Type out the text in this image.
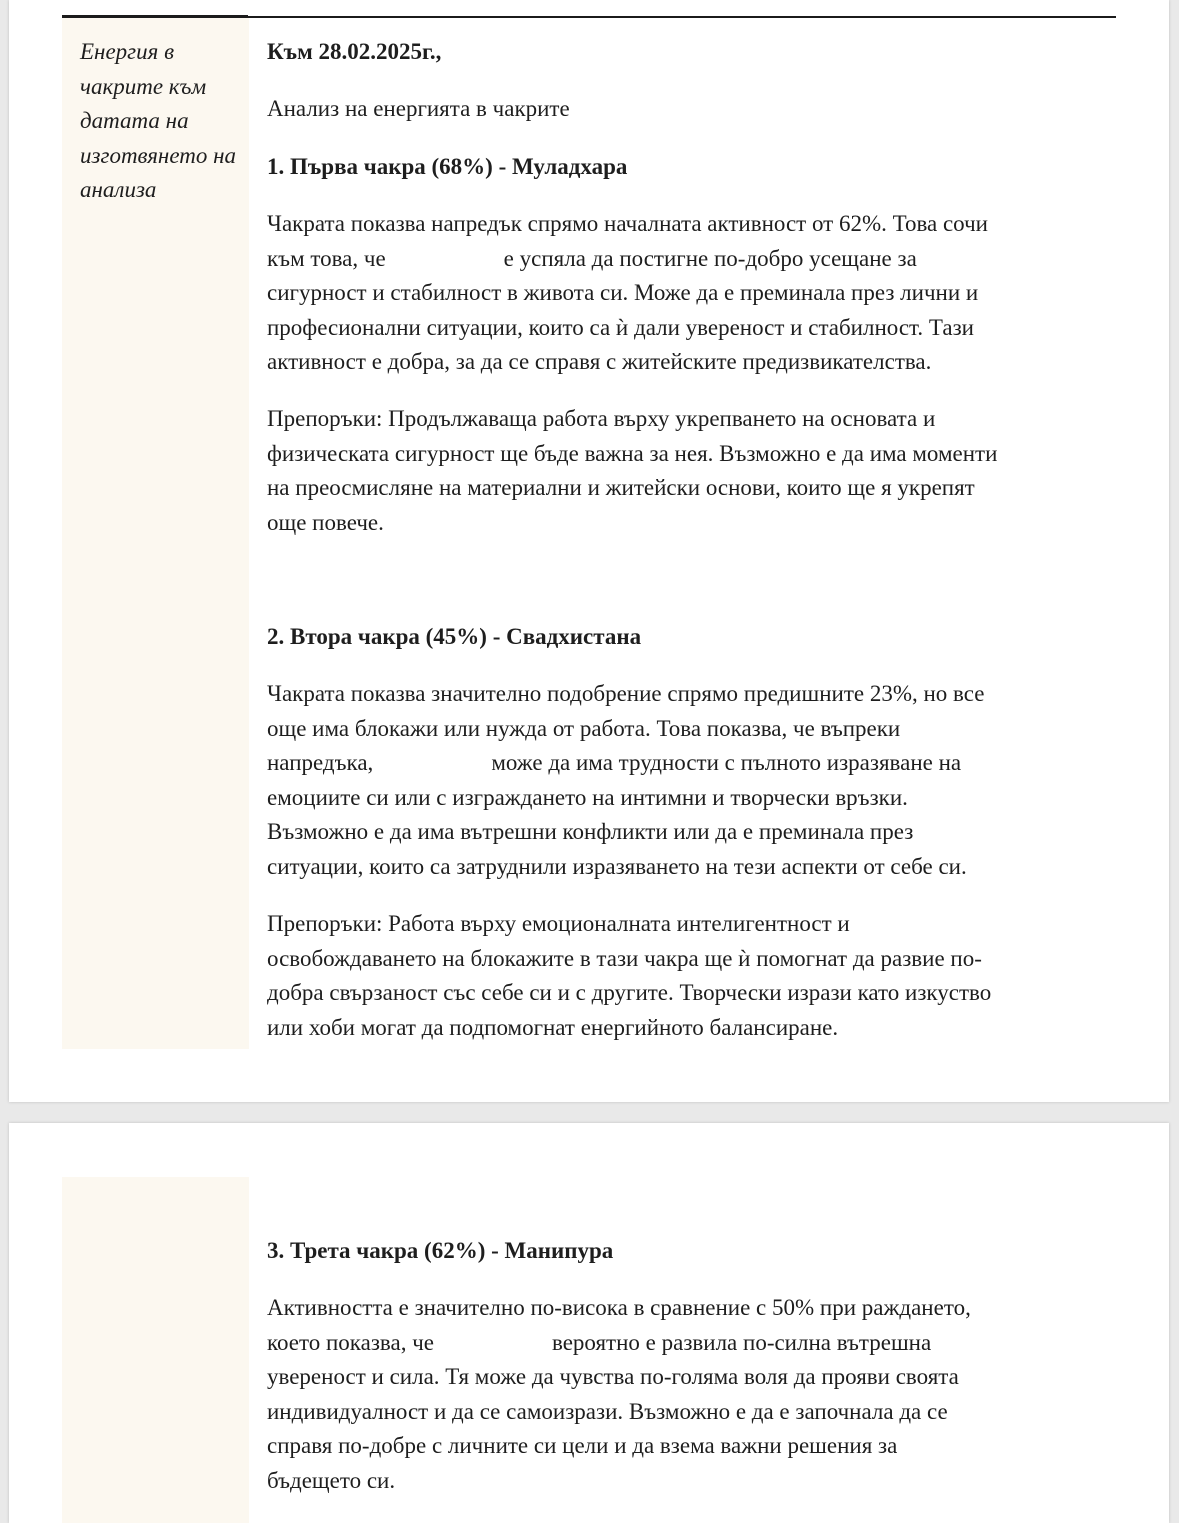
Енергия в чакрите към датата на изготвянето на анализа

Към 28.02.2025г.,

Анализ на енергията в чакрите

1. Първа чакра (68%) - Муладхара

Чакрата показва напредък спрямо началната активност от 62%. Това сочи
към това, че	е успяла да постигне по-добро усещане за
сигурност и стабилност в живота си. Може да е преминала през лични и
професионални ситуации, които са ѝ дали увереност и стабилност. Тази
активност е добра, за да се справя с житейските предизвикателства.
Препоръки: Продължаваща работа върху укрепването на основата и
физическата сигурност ще бъде важна за нея. Възможно е да има моменти
на преосмисляне на материални и житейски основи, които ще я укрепят
още повече.

2. Втора чакра (45%) - Свадхистана

Чакрата показва значително подобрение спрямо предишните 23%, но все
още има блокажи или нужда от работа. Това показва, че въпреки
напредъка,	може да има трудности с пълното изразяване на
емоциите си или с изграждането на интимни и творчески връзки.
Възможно е да има вътрешни конфликти или да е преминала през
ситуации, които са затруднили изразяването на тези аспекти от себе си.
Препоръки: Работа върху емоционалната интелигентност и
освобождаването на блокажите в тази чакра ще ѝ помогнат да развие по-
добра свързаност със себе си и с другите. Творчески изрази като изкуство
или хоби могат да подпомогнат енергийното балансиране.

3. Трета чакра (62%) - Манипура

Активността е значително по-висока в сравнение с 50% при раждането,
което показва, че	вероятно е развила по-силна вътрешна
увереност и сила. Тя може да чувства по-голяма воля да прояви своята
индивидуалност и да се самоизрази. Възможно е да е започнала да се
справя по-добре с личните си цели и да взема важни решения за
бъдещето си.
